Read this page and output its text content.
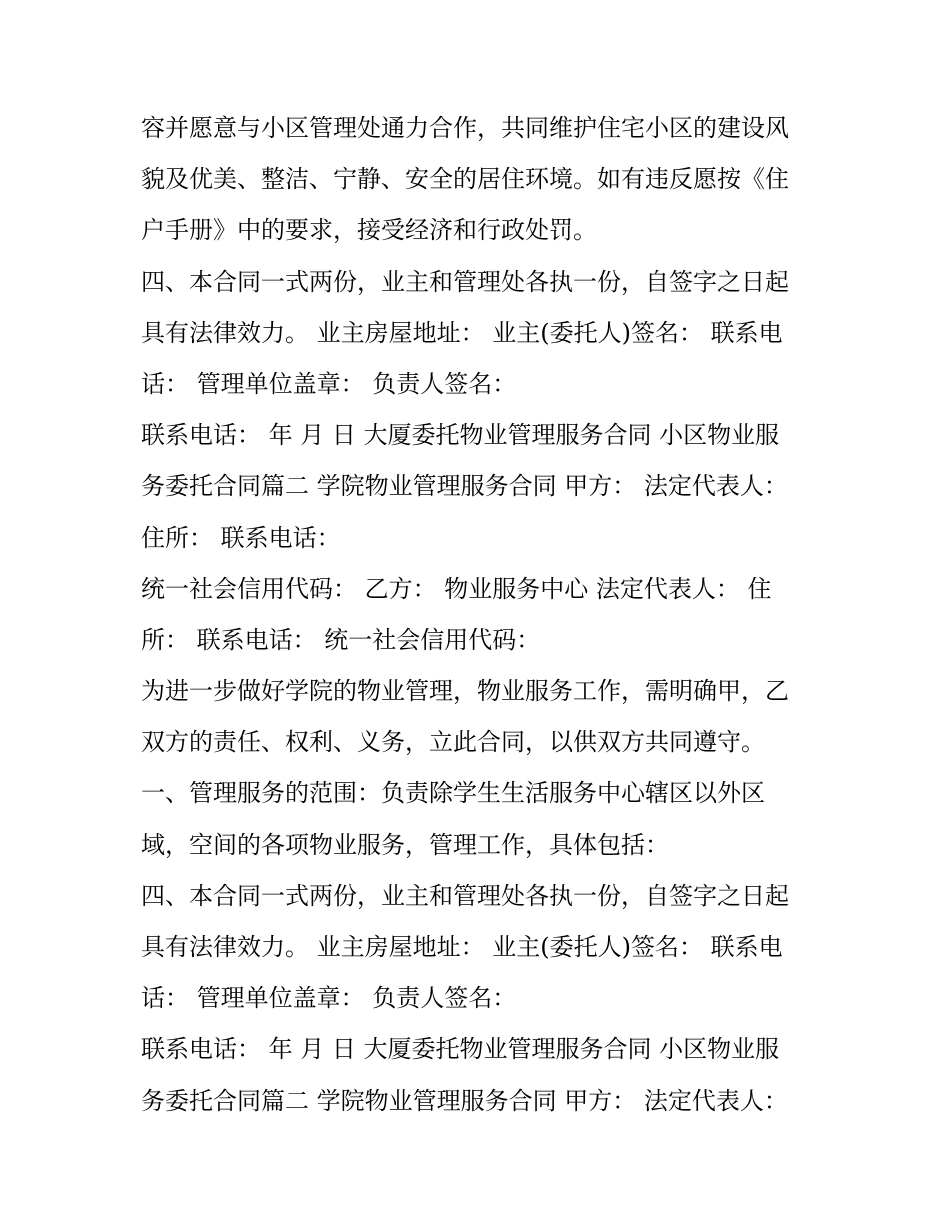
容并愿意与小区管理处通力合作，共同维护住宅小区的建设风

貌及优美、整洁、宁静、安全的居住环境。如有违反愿按《住

户手册》中的要求，接受经济和行政处罚。

四、本合同一式两份，业主和管理处各执一份，自签字之日起

具有法律效力。 业主房屋地址： 业主(委托人)签名： 联系电

话： 管理单位盖章： 负责人签名：

联系电话： 年 月 日 大厦委托物业管理服务合同 小区物业服

务委托合同篇二 学院物业管理服务合同 甲方： 法定代表人：

住所： 联系电话：

统一社会信用代码： 乙方： 物业服务中心 法定代表人： 住

所： 联系电话： 统一社会信用代码：

为进一步做好学院的物业管理，物业服务工作，需明确甲，乙

双方的责任、权利、义务，立此合同，以供双方共同遵守。

一、管理服务的范围：负责除学生生活服务中心辖区以外区

域，空间的各项物业服务，管理工作，具体包括：

四、本合同一式两份，业主和管理处各执一份，自签字之日起

具有法律效力。 业主房屋地址： 业主(委托人)签名： 联系电

话： 管理单位盖章： 负责人签名：

联系电话： 年 月 日 大厦委托物业管理服务合同 小区物业服

务委托合同篇二 学院物业管理服务合同 甲方： 法定代表人：
